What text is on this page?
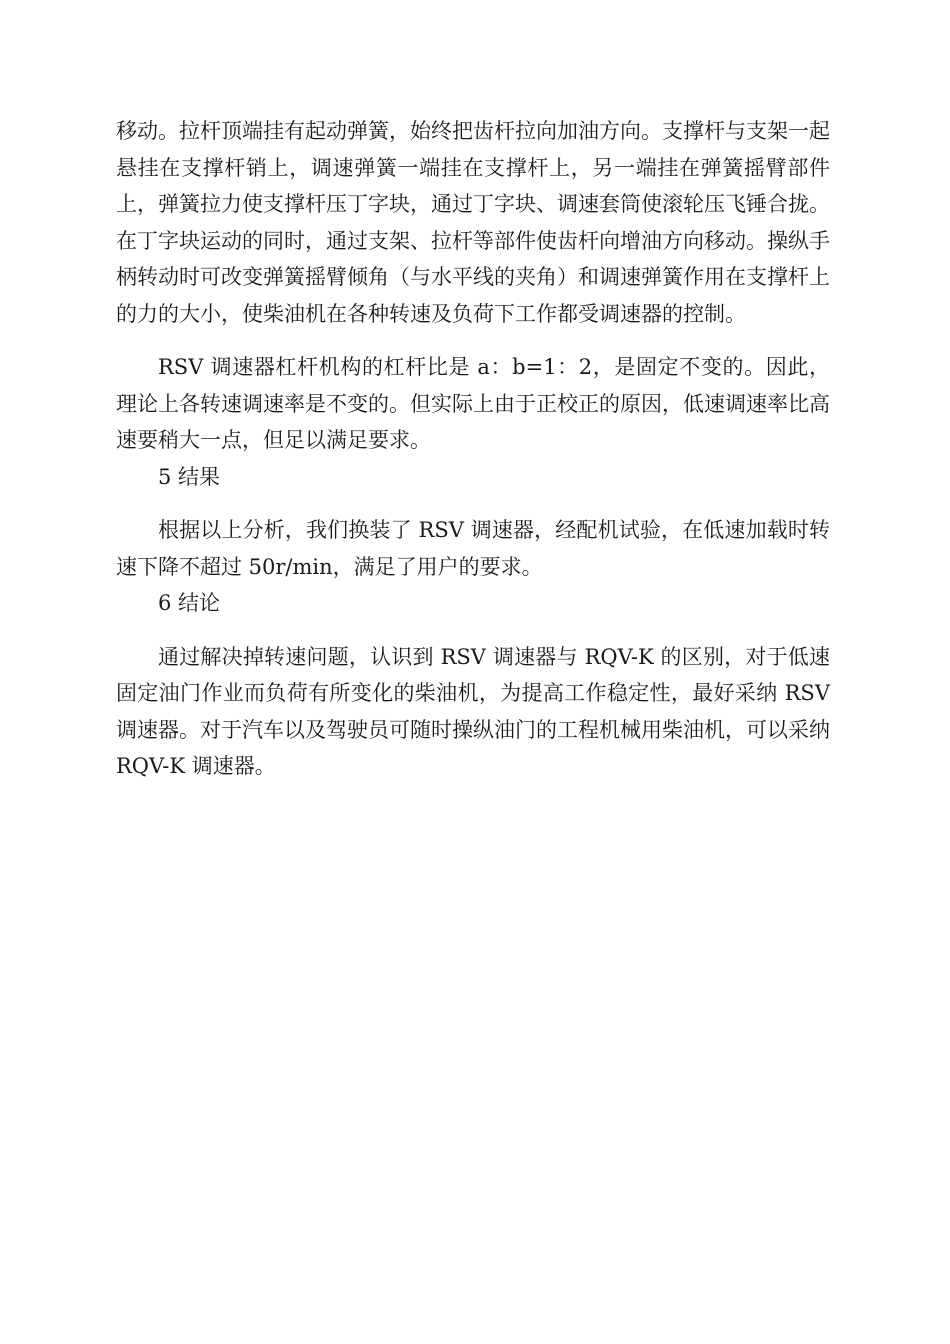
移动。拉杆顶端挂有起动弹簧，始终把齿杆拉向加油方向。支撑杆与支架一起悬挂在支撑杆销上，调速弹簧一端挂在支撑杆上，另一端挂在弹簧摇臂部件上，弹簧拉力使支撑杆压丁字块，通过丁字块、调速套筒使滚轮压飞锤合拢。在丁字块运动的同时，通过支架、拉杆等部件使齿杆向增油方向移动。操纵手柄转动时可改变弹簧摇臂倾角（与水平线的夹角）和调速弹簧作用在支撑杆上的力的大小，使柴油机在各种转速及负荷下工作都受调速器的控制。

RSV 调速器杠杆机构的杠杆比是 a：b=1：2，是固定不变的。因此，理论上各转速调速率是不变的。但实际上由于正校正的原因，低速调速率比高速要稍大一点，但足以满足要求。

5 结果

根据以上分析，我们换装了 RSV 调速器，经配机试验，在低速加载时转速下降不超过 50r/min，满足了用户的要求。

6 结论

通过解决掉转速问题，认识到 RSV 调速器与 RQV-K 的区别，对于低速固定油门作业而负荷有所变化的柴油机，为提高工作稳定性，最好采纳 RSV 调速器。对于汽车以及驾驶员可随时操纵油门的工程机械用柴油机，可以采纳 RQV-K 调速器。
